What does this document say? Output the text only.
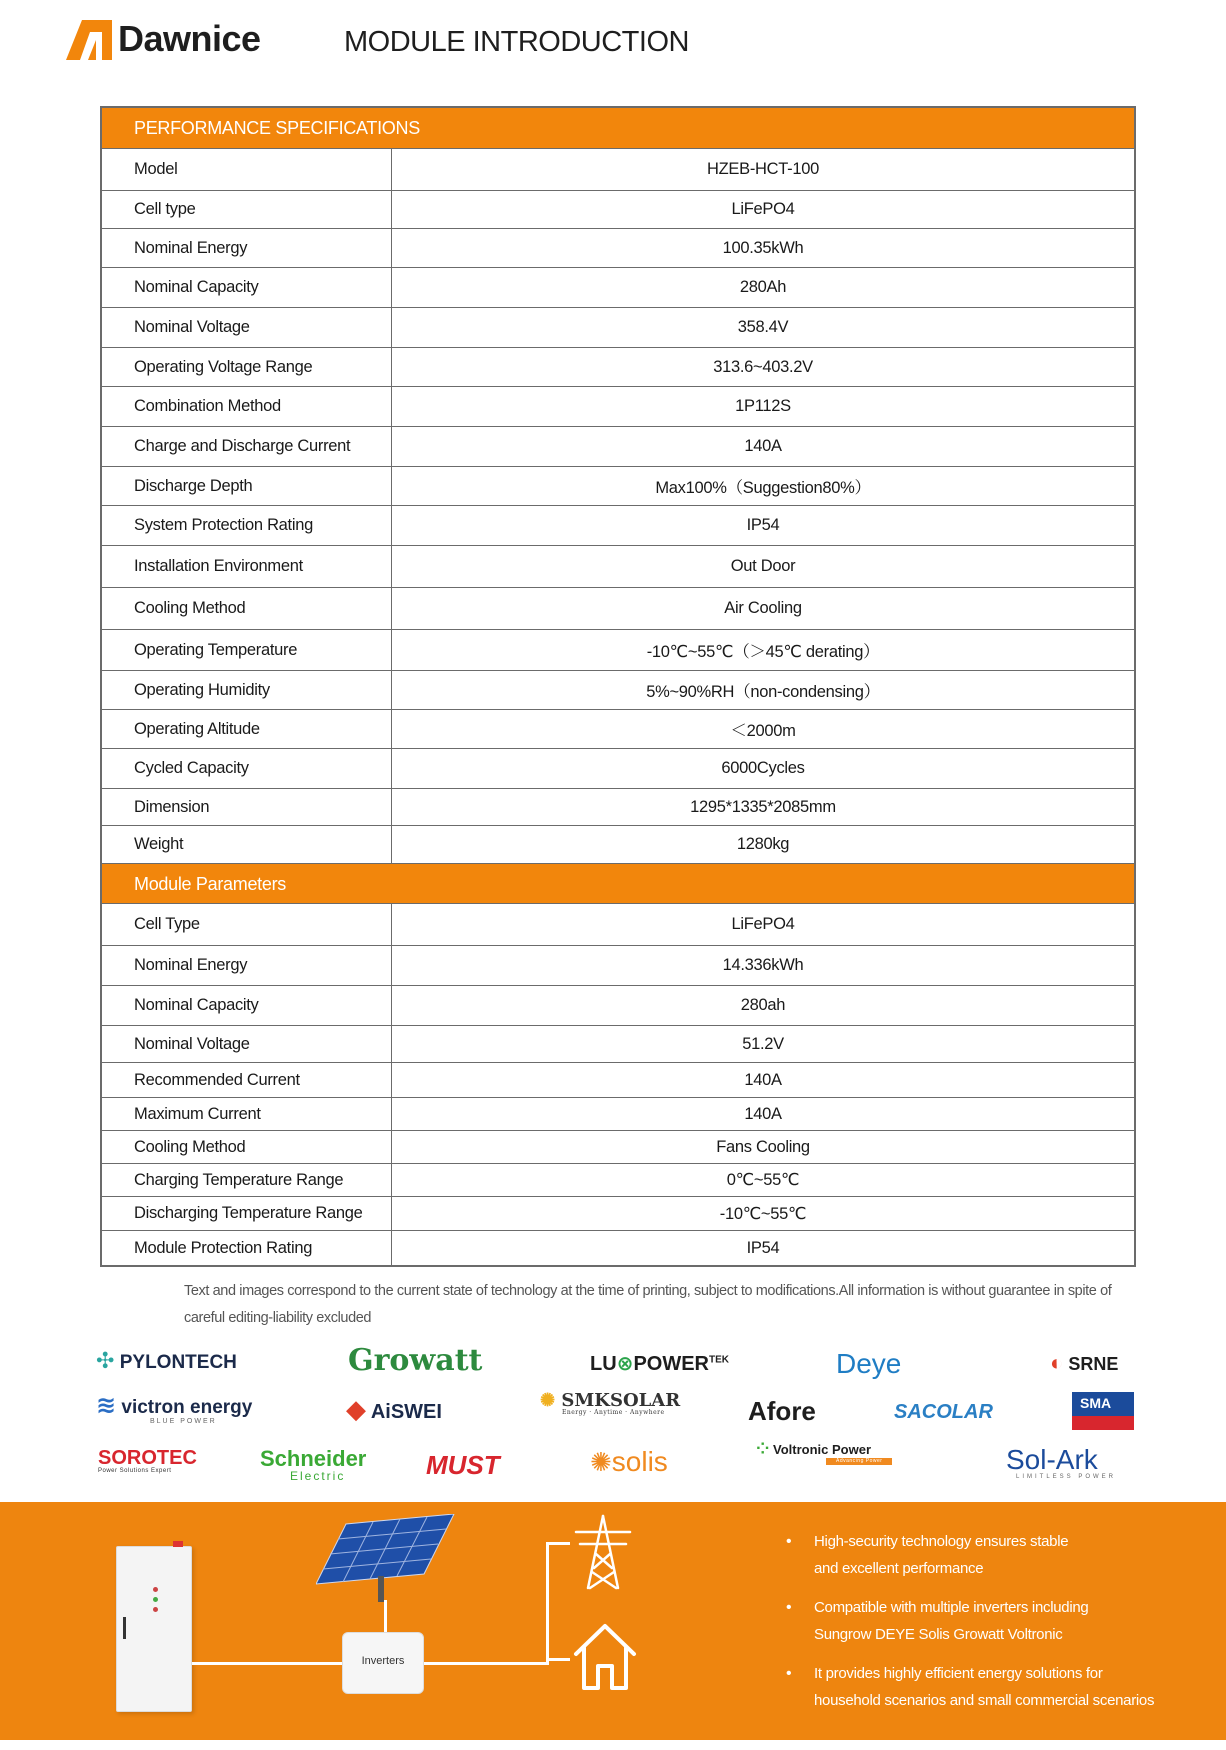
Dawnice	MODULE INTRODUCTION
PERFORMANCE SPECIFICATIONS
Model	HZEB-HCT-100
Cell type	LiFePO4
Nominal Energy	100.35kWh
Nominal Capacity	280Ah
Nominal Voltage	358.4V
Operating Voltage Range	313.6~403.2V
Combination Method	1P112S
Charge and Discharge Current	140A
Discharge Depth	Max100%（Suggestion80%）
System Protection Rating	IP54
Installation Environment	Out Door
Cooling Method	Air Cooling
Operating Temperature	-10℃~55℃（＞45℃ derating）
Operating Humidity	5%~90%RH（non-condensing）
Operating Altitude	＜2000m
Cycled Capacity	6000Cycles
Dimension	1295*1335*2085mm
Weight	1280kg
Module Parameters
Cell Type	LiFePO4
Nominal Energy	14.336kWh
Nominal Capacity	280ah
Nominal Voltage	51.2V
Recommended Current	140A
Maximum Current	140A
Cooling Method	Fans Cooling
Charging Temperature Range	0℃~55℃
Discharging Temperature Range	-10℃~55℃
Module Protection Rating	IP54
Text and images correspond to the current state of technology at the time of printing, subject to modifications.All information is without guarantee in spite of careful editing-liability excluded
✣ PYLONTECH	Growatt	$LU\otimes POWER^{TEK}$	Deye	◐ SRNE
≋ victron energy
BLUE POWER	◆ AiSWEI
✺ SMKSOLAR
Energy · Anytime · Anywhere	Afore	SACOLAR	SMA
SOROTEC
Power Solutions Expert	Schneider
Electric	MUST	✺solis	⁘ Voltronic Power
Advancing Power	Sol-Ark
LIMITLESS POWER
Inverters
• High-security technology ensures stable
and excellent performance
• Compatible with multiple inverters including
Sungrow DEYE Solis Growatt Voltronic
• It provides highly efficient energy solutions for
household scenarios and small commercial scenarios
